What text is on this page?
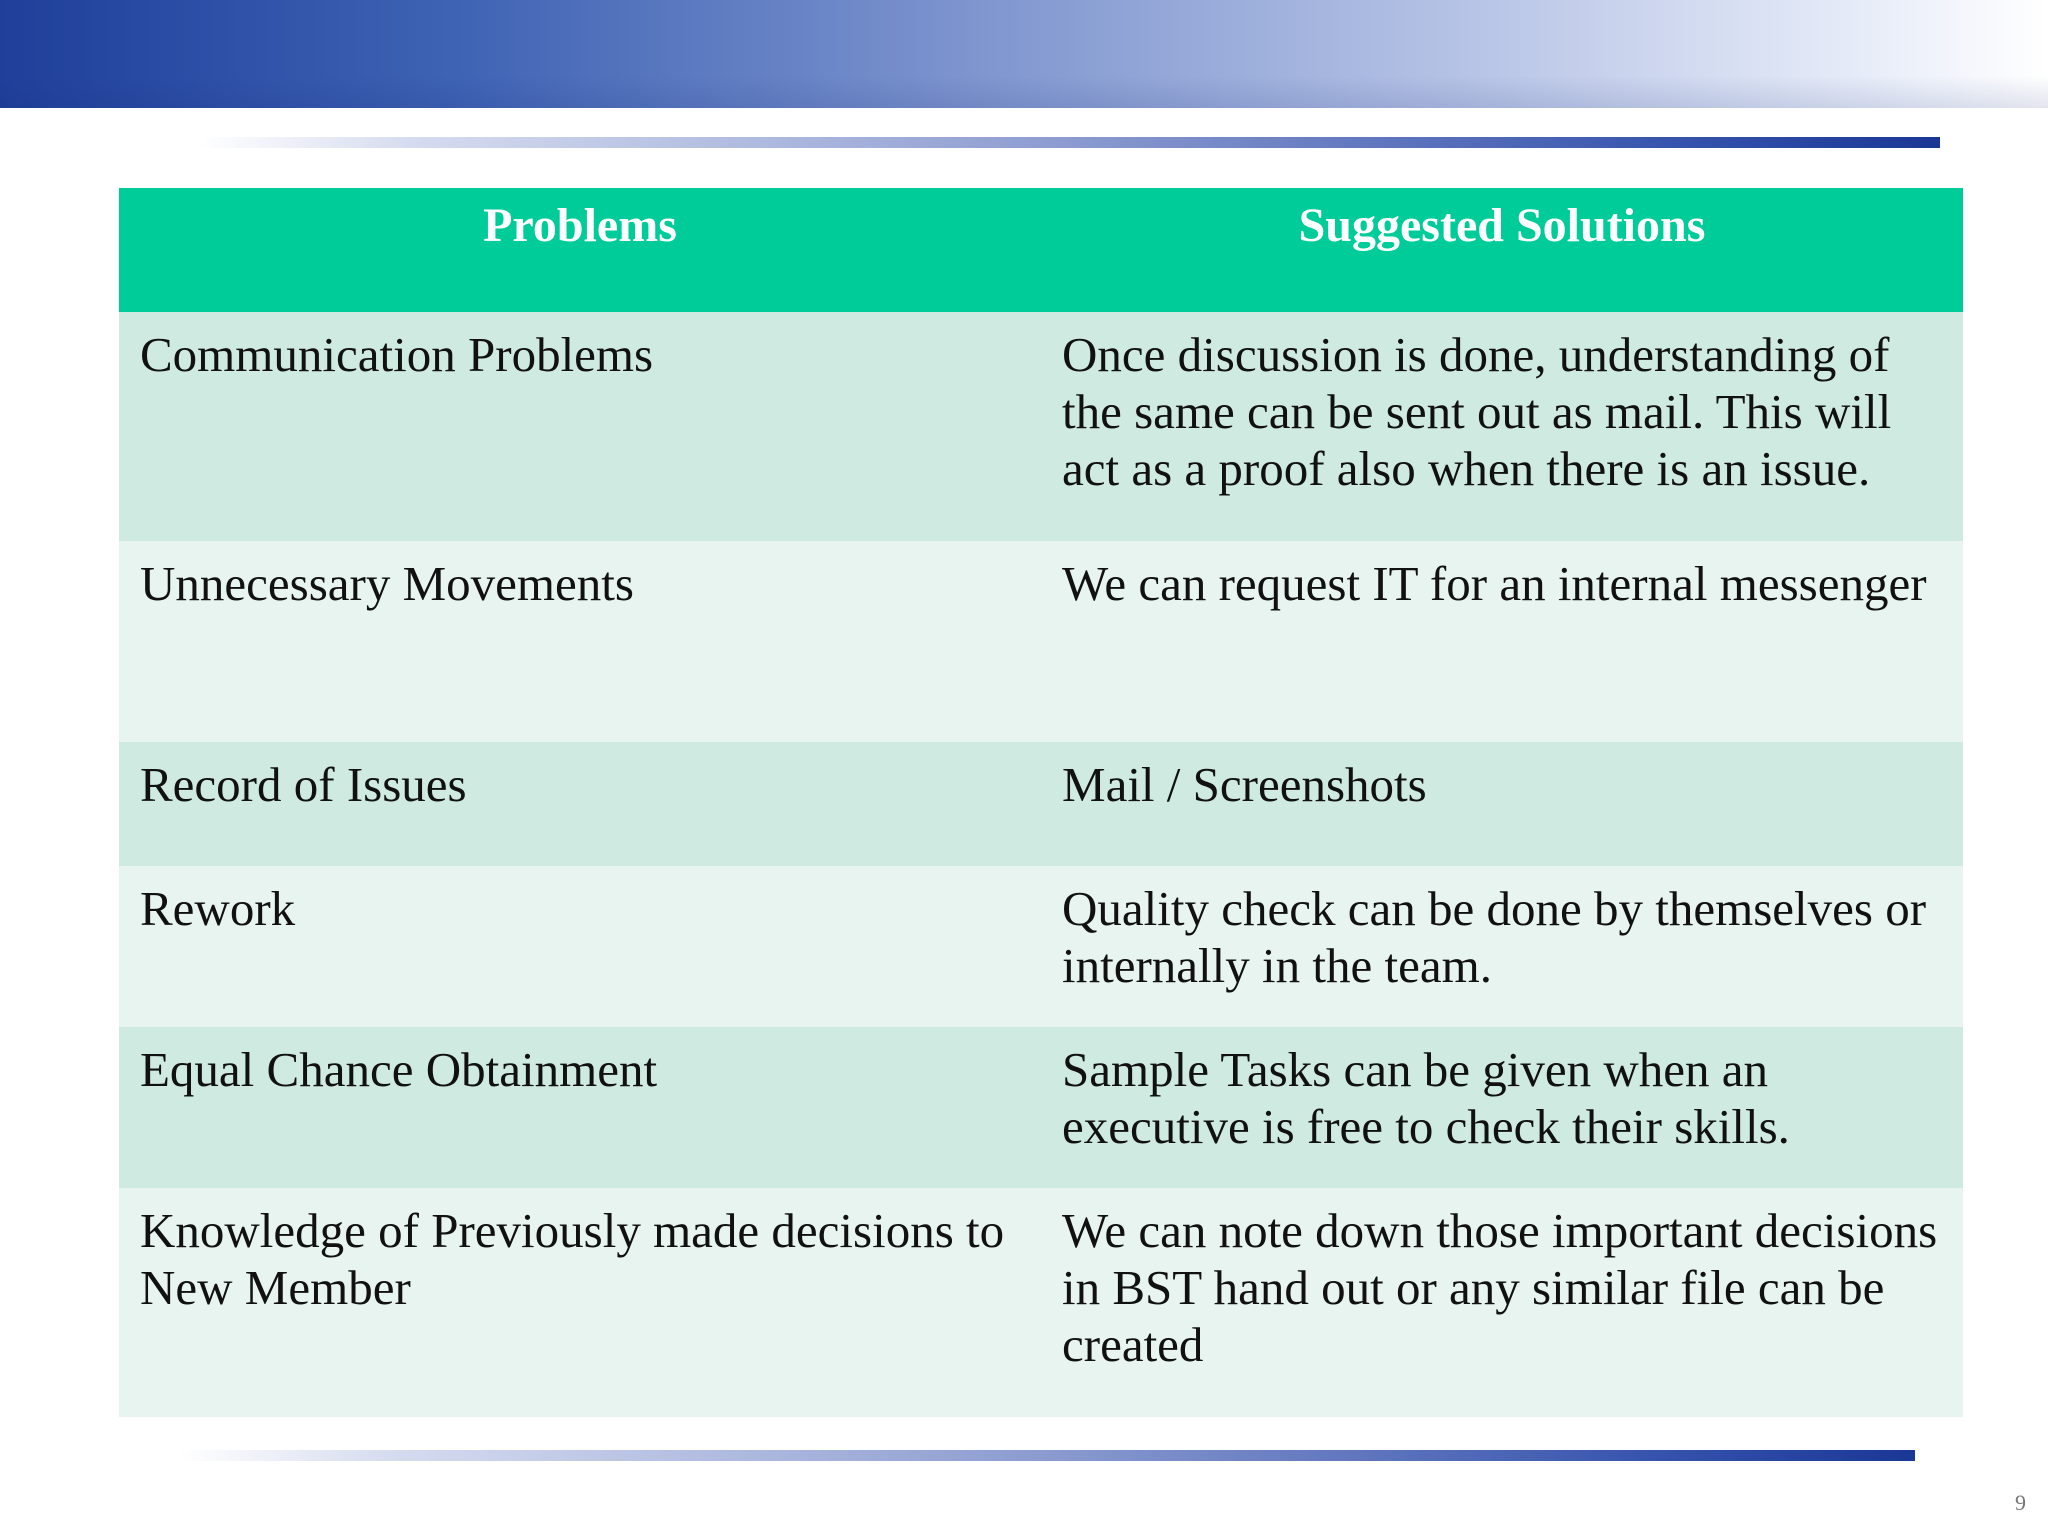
Problems	Suggested Solutions
Communication Problems	Once discussion is done, understanding of the same can be sent out as mail. This will act as a proof also when there is an issue.
Unnecessary Movements	We can request IT for an internal messenger
Record of Issues	Mail / Screenshots
Rework	Quality check can be done by themselves or internally in the team.
Equal Chance Obtainment	Sample Tasks can be given when an executive is free to check their skills.
Knowledge of Previously made decisions to New Member	We can note down those important decisions in BST hand out or any similar file can be created
9
